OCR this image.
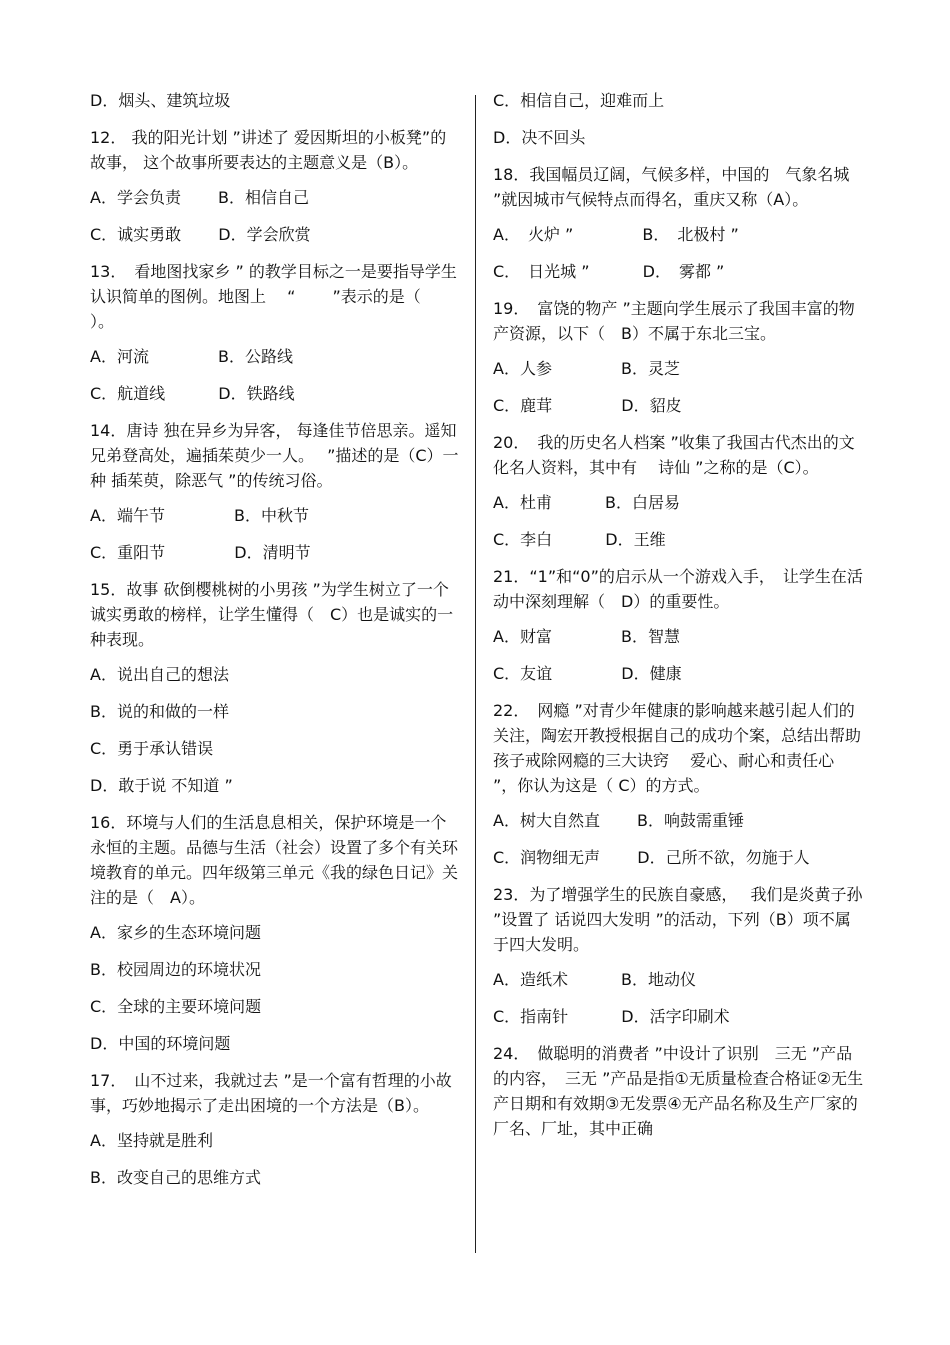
D．烟头、建筑垃圾

12． 我的阳光计划 ”讲述了 爱因斯坦的小板凳”的故事， 这个故事所要表达的主题意义是（B）。

A．学会负责　　 B．相信自己

C．诚实勇敢　　 D．学会欣赏

13．　看地图找家乡 ” 的教学目标之一是要指导学生认识简单的图例。地图上　 “　　 ”表示的是（　　）。

A．河流　　　　 B．公路线

C．航道线　　　 D．铁路线

14．唐诗 独在异乡为异客， 每逢佳节倍思亲。遥知兄弟登高处，遍插茱萸少一人。　 ”描述的是（C）一种 插茱萸，除恶气 ”的传统习俗。

A．端午节　　　　 B．中秋节

C．重阳节　　　　 D．清明节

15．故事 砍倒樱桃树的小男孩 ”为学生树立了一个诚实勇敢的榜样，让学生懂得（　C）也是诚实的一种表现。

A．说出自己的想法

B．说的和做的一样

C．勇于承认错误

D．敢于说 不知道 ”

16．环境与人们的生活息息相关，保护环境是一个永恒的主题。品德与生活（社会）设置了多个有关环境教育的单元。四年级第三单元《我的绿色日记》关注的是（　A）。

A．家乡的生态环境问题

B．校园周边的环境状况

C．全球的主要环境问题

D．中国的环境问题

17．　山不过来，我就过去 ”是一个富有哲理的小故事，巧妙地揭示了走出困境的一个方法是（B）。

A．坚持就是胜利

B．改变自己的思维方式

C．相信自己，迎难而上

D．决不回头

18．我国幅员辽阔，气候多样，中国的　气象名城 ”就因城市气候特点而得名，重庆又称（A）。

A．　火炉 ”　　　　 B．　北极村 ”

C．　日光城 ”　　　 D．　雾都 ”

19．　富饶的物产 ”主题向学生展示了我国丰富的物产资源，以下（　B）不属于东北三宝。

A．人参　　　　 B．灵芝

C．鹿茸　　　　 D．貂皮

20．　我的历史名人档案 ”收集了我国古代杰出的文化名人资料，其中有　 诗仙 ”之称的是（C）。

A．杜甫　　　 B．白居易

C．李白　　　 D．王维

21．“1”和“0”的启示从一个游戏入手，　让学生在活动中深刻理解（　D）的重要性。

A．财富　　　　 B．智慧

C．友谊　　　　 D．健康

22．　网瘾 ”对青少年健康的影响越来越引起人们的关注，陶宏开教授根据自己的成功个案，总结出帮助孩子戒除网瘾的三大诀窍　 爱心、耐心和责任心　 ”，你认为这是（ C）的方式。

A．树大自然直　　 B．响鼓需重锤

C．润物细无声　　 D．己所不欲，勿施于人

23．为了增强学生的民族自豪感，　 我们是炎黄子孙 ”设置了 话说四大发明 ”的活动，下列（B）项不属于四大发明。

A．造纸术　　　 B．地动仪

C．指南针　　　 D．活字印刷术

24．　做聪明的消费者 ”中设计了识别　三无 ”产品的内容，　三无 ”产品是指①无质量检查合格证②无生产日期和有效期③无发票④无产品名称及生产厂家的厂名、厂址，其中正确
